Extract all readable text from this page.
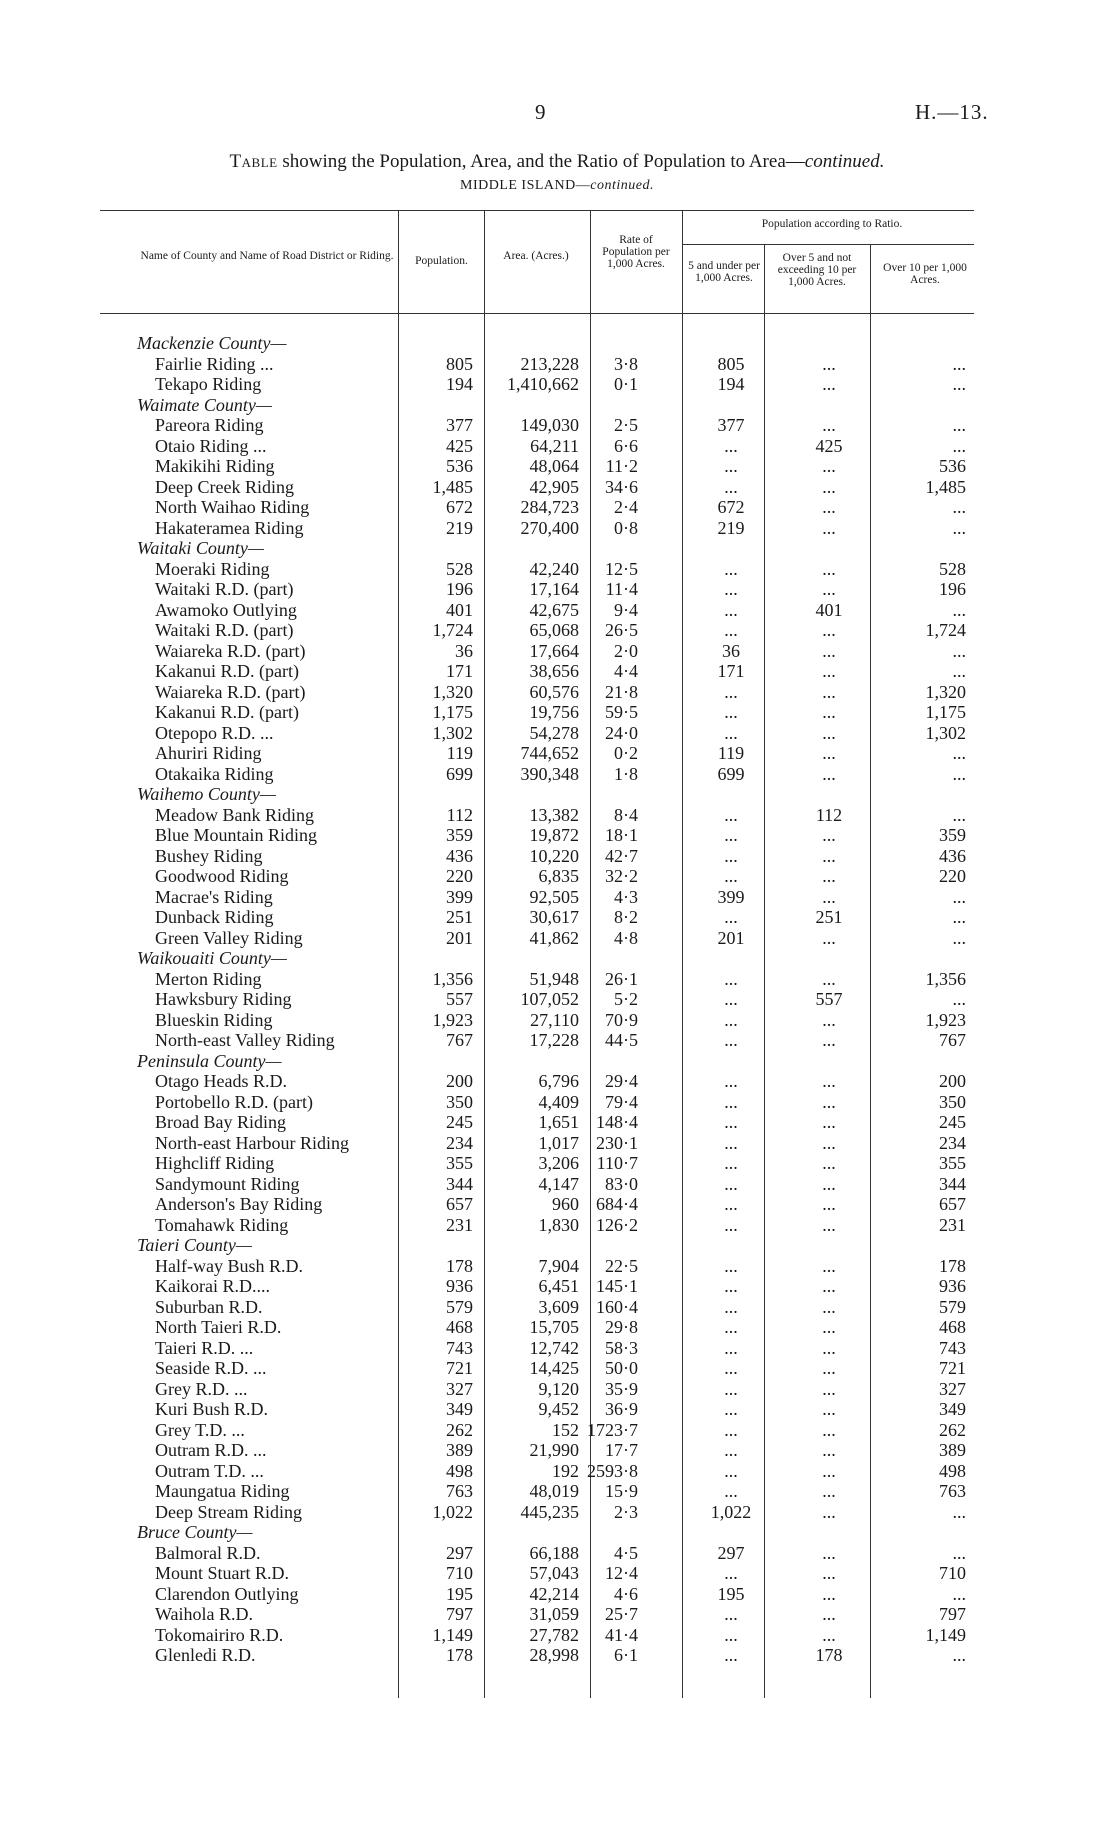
9	H.—13.
Table showing the Population, Area, and the Ratio of Population to Area—continued.
MIDDLE ISLAND—continued.
Name of County and Name of Road District or Riding.	Population.	Area. (Acres.)
Rate of Population per 1,000 Acres.
Population according to Ratio.
5 and under per 1,000 Acres.
Over 5 and not exceeding 10 per 1,000 Acres.
Over 10 per 1,000 Acres.
Mackenzie County—
Fairlie Riding ...	805	213,228 3·8	805	...	...
Tekapo Riding	194 1,410,662 0·1	194	...	...
Waimate County—
Pareora Riding	377	149,030 2·5	377	...	...
Otaio Riding ...	425	64,211 6·6	...	425	...
Makikihi Riding	536	48,064 11·2	...	...	536
Deep Creek Riding	1,485	42,905 34·6	...	...	1,485
North Waihao Riding	672	284,723 2·4	672	...	...
Hakateramea Riding	219	270,400 0·8	219	...	...
Waitaki County—
Moeraki Riding	528	42,240 12·5	...	...	528
Waitaki R.D. (part)	196	17,164 11·4	...	...	196
Awamoko Outlying	401	42,675 9·4	...	401	...
Waitaki R.D. (part)	1,724	65,068 26·5	...	...	1,724
Waiareka R.D. (part)	36	17,664 2·0	36	...	...
Kakanui R.D. (part)	171	38,656 4·4	171	...	...
Waiareka R.D. (part)	1,320	60,576 21·8	...	...	1,320
Kakanui R.D. (part)	1,175	19,756 59·5	...	...	1,175
Otepopo R.D. ...	1,302	54,278 24·0	...	...	1,302
Ahuriri Riding	119	744,652 0·2	119	...	...
Otakaika Riding	699	390,348 1·8	699	...	...
Waihemo County—
Meadow Bank Riding	112	13,382 8·4	...	112	...
Blue Mountain Riding	359	19,872 18·1	...	...	359
Bushey Riding	436	10,220 42·7	...	...	436
Goodwood Riding	220	6,835 32·2	...	...	220
Macrae's Riding	399	92,505 4·3	399	...	...
Dunback Riding	251	30,617 8·2	...	251	...
Green Valley Riding	201	41,862 4·8	201	...	...
Waikouaiti County—
Merton Riding	1,356	51,948 26·1	...	...	1,356
Hawksbury Riding	557	107,052 5·2	...	557	...
Blueskin Riding	1,923	27,110 70·9	...	...	1,923
North-east Valley Riding	767	17,228 44·5	...	...	767
Peninsula County—
Otago Heads R.D.	200	6,796 29·4	...	...	200
Portobello R.D. (part)	350	4,409 79·4	...	...	350
Broad Bay Riding	245	1,651 148·4	...	...	245
North-east Harbour Riding	234	1,017 230·1	...	...	234
Highcliff Riding	355	3,206 110·7	...	...	355
Sandymount Riding	344	4,147 83·0	...	...	344
Anderson's Bay Riding	657	960 684·4	...	...	657
Tomahawk Riding	231	1,830 126·2	...	...	231
Taieri County—
Half-way Bush R.D.	178	7,904 22·5	...	...	178
Kaikorai R.D....	936	6,451 145·1	...	...	936
Suburban R.D.	579	3,609 160·4	...	...	579
North Taieri R.D.	468	15,705 29·8	...	...	468
Taieri R.D. ...	743	12,742 58·3	...	...	743
Seaside R.D. ...	721	14,425 50·0	...	...	721
Grey R.D. ...	327	9,120 35·9	...	...	327
Kuri Bush R.D.	349	9,452 36·9	...	...	349
Grey T.D. ...	262	152 1723·7	...	...	262
Outram R.D. ...	389	21,990 17·7	...	...	389
Outram T.D. ...	498	192 2593·8	...	...	498
Maungatua Riding	763	48,019 15·9	...	...	763
Deep Stream Riding	1,022	445,235 2·3	1,022	...	...
Bruce County—
Balmoral R.D.	297	66,188 4·5	297	...	...
Mount Stuart R.D.	710	57,043 12·4	...	...	710
Clarendon Outlying	195	42,214 4·6	195	...	...
Waihola R.D.	797	31,059 25·7	...	...	797
Tokomairiro R.D.	1,149	27,782 41·4	...	...	1,149
Glenledi R.D.	178	28,998 6·1	...	178	...
